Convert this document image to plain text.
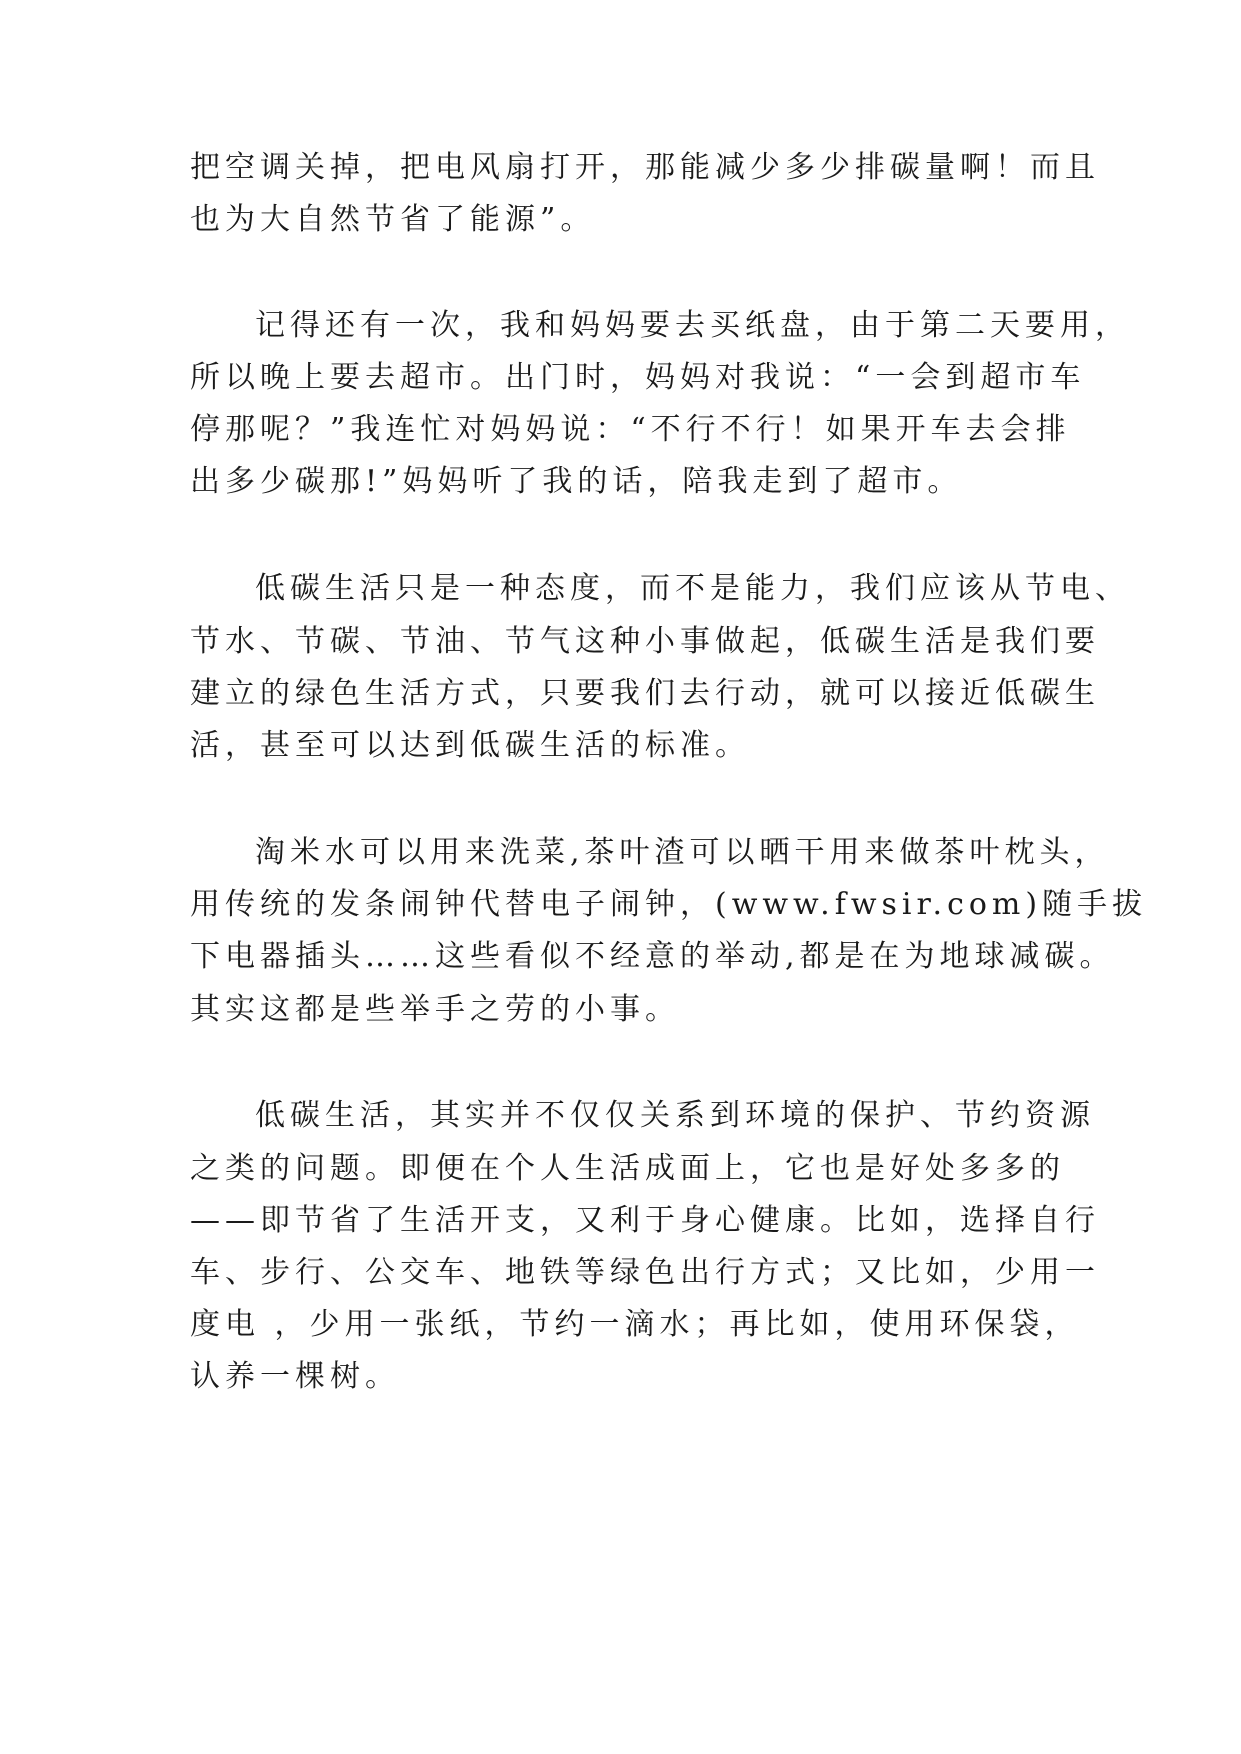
把空调关掉，把电风扇打开，那能减少多少排碳量啊！而且
也为大自然节省了能源”。
记得还有一次，我和妈妈要去买纸盘，由于第二天要用，
所以晚上要去超市。出门时，妈妈对我说：“一会到超市车
停那呢？”我连忙对妈妈说：“不行不行！如果开车去会排
出多少碳那!”妈妈听了我的话，陪我走到了超市。
低碳生活只是一种态度，而不是能力，我们应该从节电、
节水、节碳、节油、节气这种小事做起，低碳生活是我们要
建立的绿色生活方式，只要我们去行动，就可以接近低碳生
活，甚至可以达到低碳生活的标准。
淘米水可以用来洗菜,茶叶渣可以晒干用来做茶叶枕头，
用传统的发条闹钟代替电子闹钟，(www.fwsir.com)随手拔
下电器插头……这些看似不经意的举动,都是在为地球减碳。
其实这都是些举手之劳的小事。
低碳生活，其实并不仅仅关系到环境的保护、节约资源
之类的问题。即便在个人生活成面上，它也是好处多多的
——即节省了生活开支，又利于身心健康。比如，选择自行
车、步行、公交车、地铁等绿色出行方式；又比如，少用一
度电 ，少用一张纸，节约一滴水；再比如，使用环保袋，
认养一棵树。
